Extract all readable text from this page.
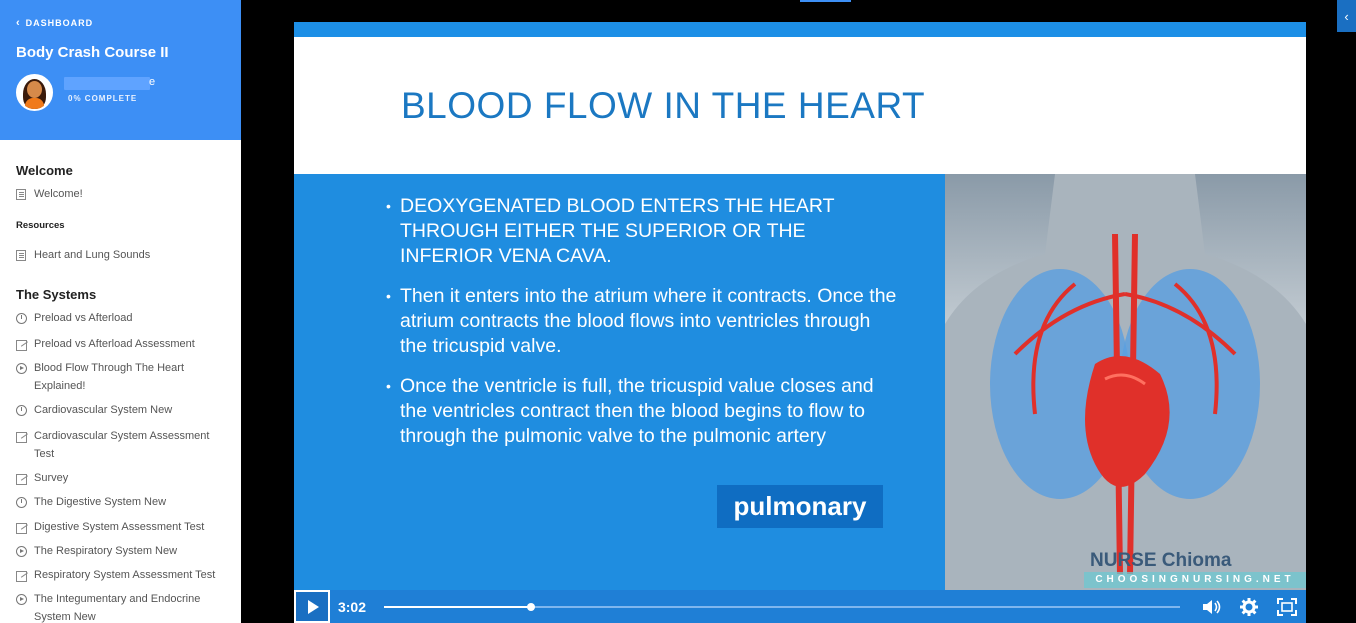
‹ DASHBOARD
Body Crash Course II
e
0% COMPLETE
Welcome
Welcome!
Resources
Heart and Lung Sounds
The Systems
Preload vs Afterload
Preload vs Afterload Assessment
Blood Flow Through The Heart Explained!
Cardiovascular System New
Cardiovascular System Assessment Test
Survey
The Digestive System New
Digestive System Assessment Test
The Respiratory System New
Respiratory System Assessment Test
The Integumentary and Endocrine System New
BLOOD FLOW IN THE HEART
• DEOXYGENATED BLOOD ENTERS THE HEART THROUGH EITHER THE SUPERIOR OR THE INFERIOR VENA CAVA.
• Then it enters into the atrium where it contracts. Once the atrium contracts the blood flows into ventricles through the tricuspid valve.
• Once the ventricle is full, the tricuspid value closes and the ventricles contract then the blood begins to flow to through the pulmonic valve to the pulmonic artery
pulmonary
NURSE Chioma
CHOOSINGNURSING.NET
3:02
‹
